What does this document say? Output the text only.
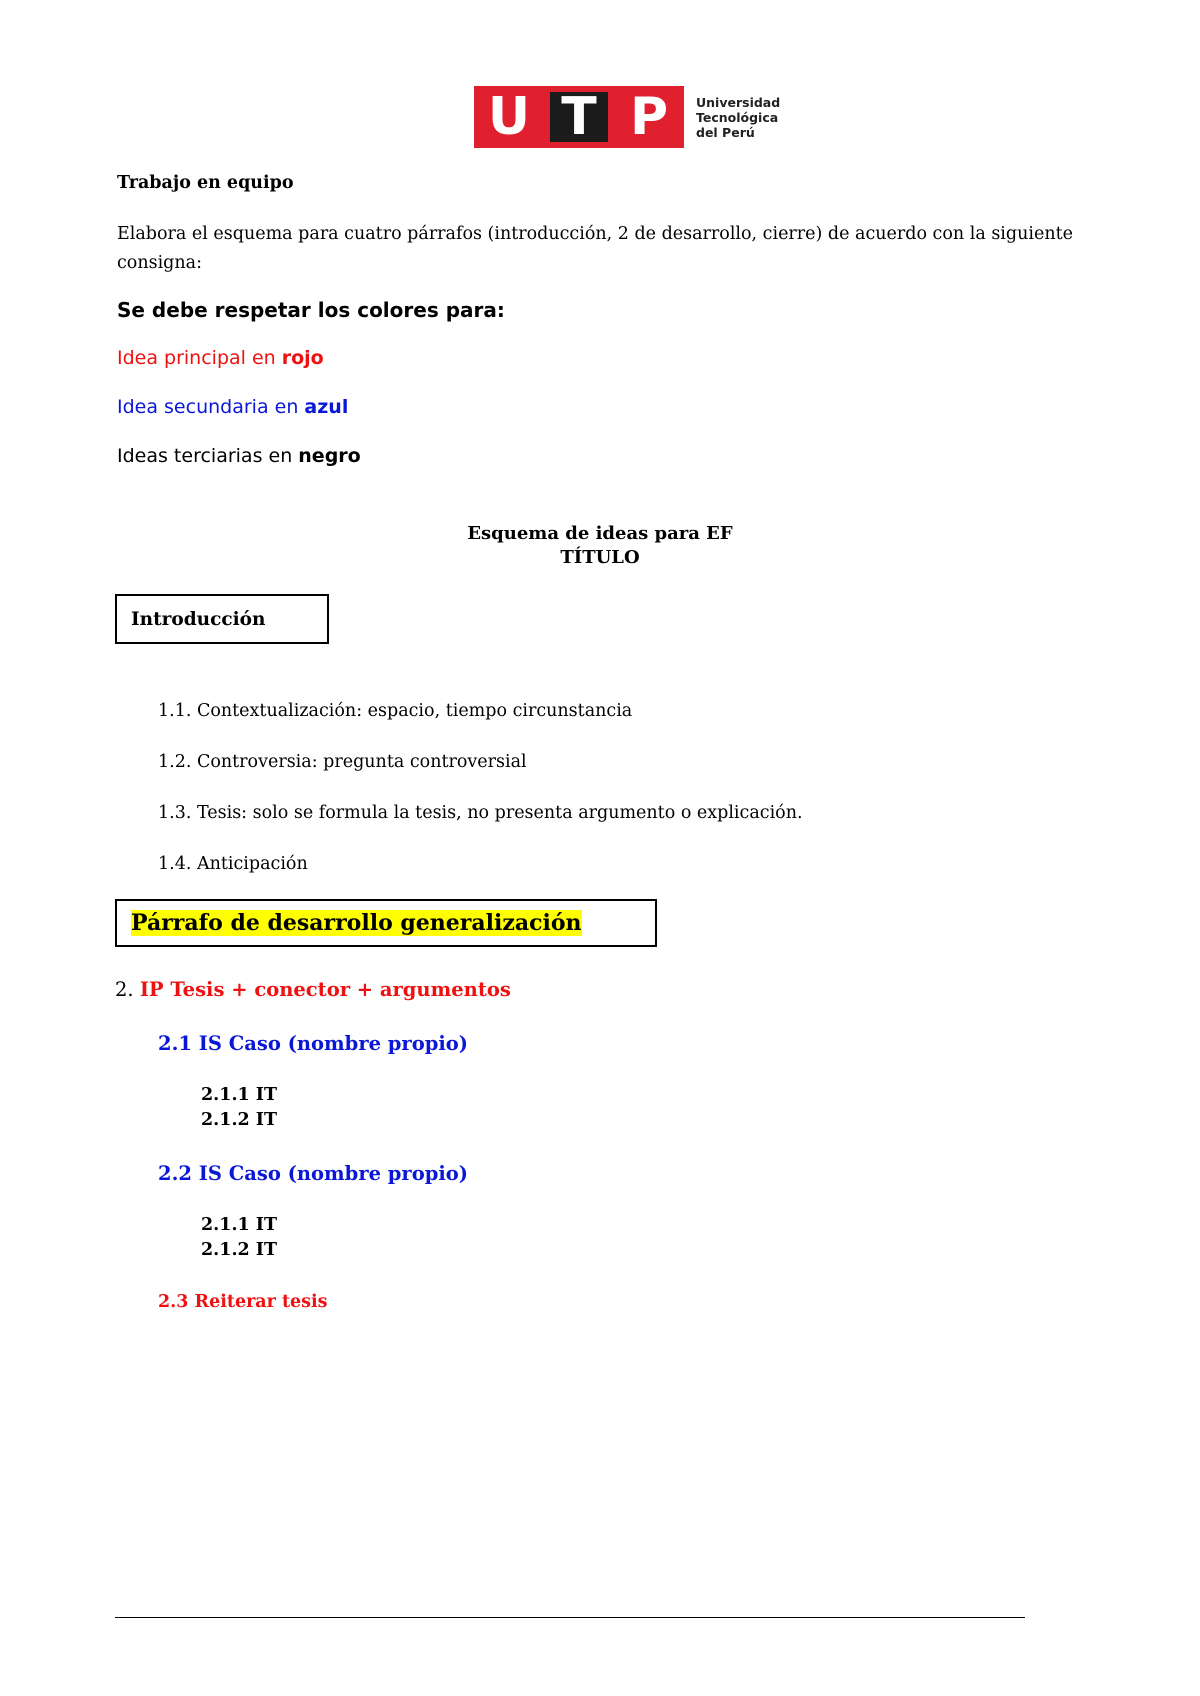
U T P	Universidad
Tecnológica
del Perú
Trabajo en equipo
Elabora el esquema para cuatro párrafos (introducción, 2 de desarrollo, cierre) de acuerdo con la siguiente
consigna:
Se debe respetar los colores para:
Idea principal en rojo
Idea secundaria en azul
Ideas terciarias en negro
Esquema de ideas para EF
TÍTULO
Introducción
1.1. Contextualización: espacio, tiempo circunstancia
1.2. Controversia: pregunta controversial
1.3. Tesis: solo se formula la tesis, no presenta argumento o explicación.
1.4. Anticipación
Párrafo de desarrollo generalización
2. IP Tesis + conector + argumentos
2.1 IS Caso (nombre propio)
2.1.1 IT
2.1.2 IT
2.2 IS Caso (nombre propio)
2.1.1 IT
2.1.2 IT
2.3 Reiterar tesis
